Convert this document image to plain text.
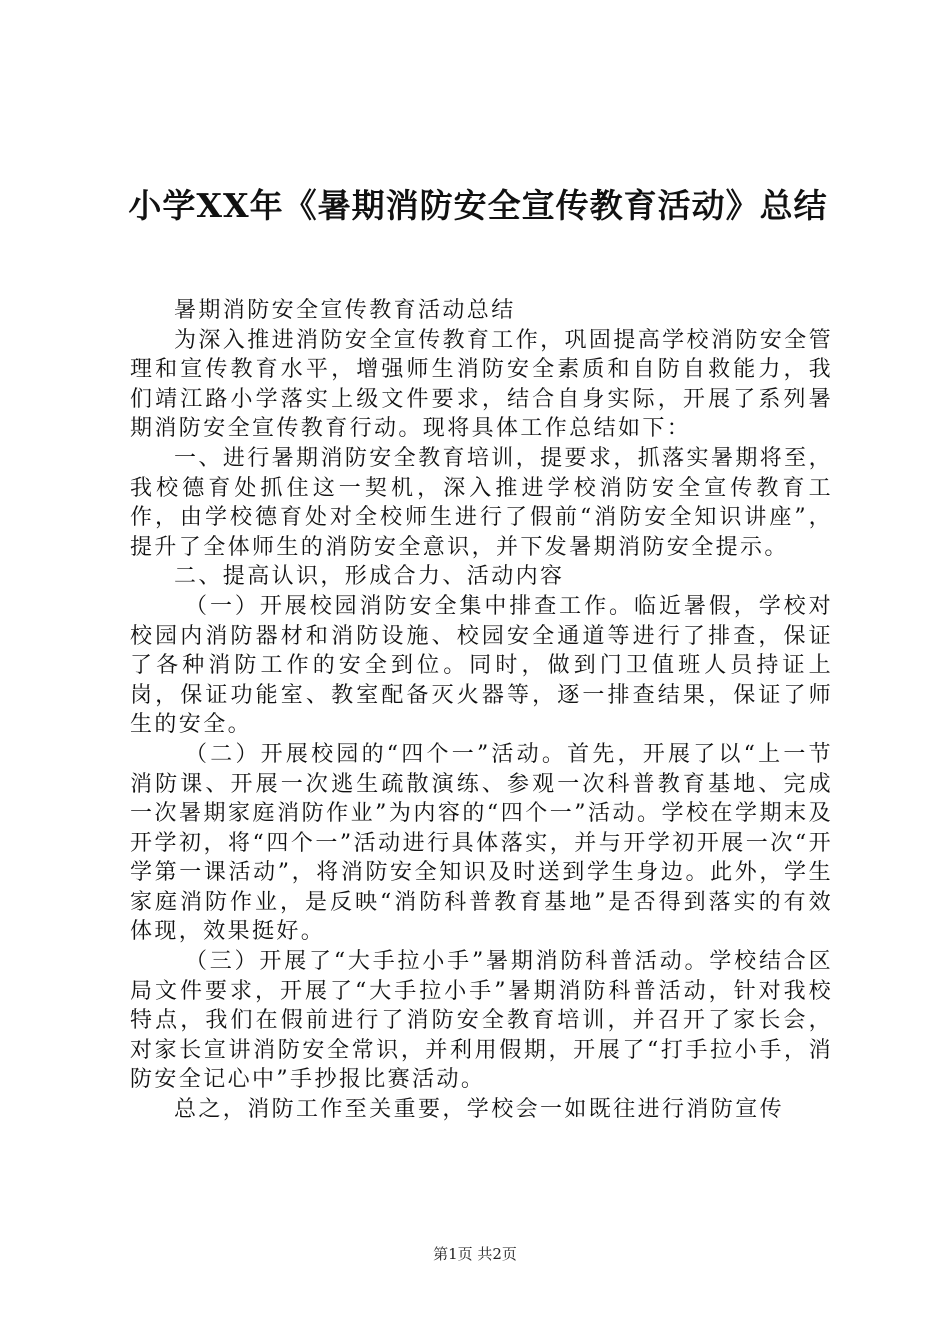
小学XX年《暑期消防安全宣传教育活动》总结

暑期消防安全宣传教育活动总结

为深入推进消防安全宣传教育工作，巩固提高学校消防安全管理和宣传教育水平，增强师生消防安全素质和自防自救能力，我们靖江路小学落实上级文件要求，结合自身实际，开展了系列暑期消防安全宣传教育行动。现将具体工作总结如下：

一、进行暑期消防安全教育培训，提要求，抓落实暑期将至，我校德育处抓住这一契机，深入推进学校消防安全宣传教育工作，由学校德育处对全校师生进行了假前“消防安全知识讲座”，提升了全体师生的消防安全意识，并下发暑期消防安全提示。

二、提高认识，形成合力、活动内容

（一）开展校园消防安全集中排查工作。临近暑假，学校对校园内消防器材和消防设施、校园安全通道等进行了排查，保证了各种消防工作的安全到位。同时，做到门卫值班人员持证上岗，保证功能室、教室配备灭火器等，逐一排查结果，保证了师生的安全。

（二）开展校园的“四个一”活动。首先，开展了以“上一节消防课、开展一次逃生疏散演练、参观一次科普教育基地、完成一次暑期家庭消防作业”为内容的“四个一”活动。学校在学期末及开学初，将“四个一”活动进行具体落实，并与开学初开展一次“开学第一课活动”，将消防安全知识及时送到学生身边。此外，学生家庭消防作业，是反映“消防科普教育基地”是否得到落实的有效体现，效果挺好。

（三）开展了“大手拉小手”暑期消防科普活动。学校结合区局文件要求，开展了“大手拉小手”暑期消防科普活动，针对我校特点，我们在假前进行了消防安全教育培训，并召开了家长会，对家长宣讲消防安全常识，并利用假期，开展了“打手拉小手，消防安全记心中”手抄报比赛活动。

总之，消防工作至关重要，学校会一如既往进行消防宣传

第1页 共2页
